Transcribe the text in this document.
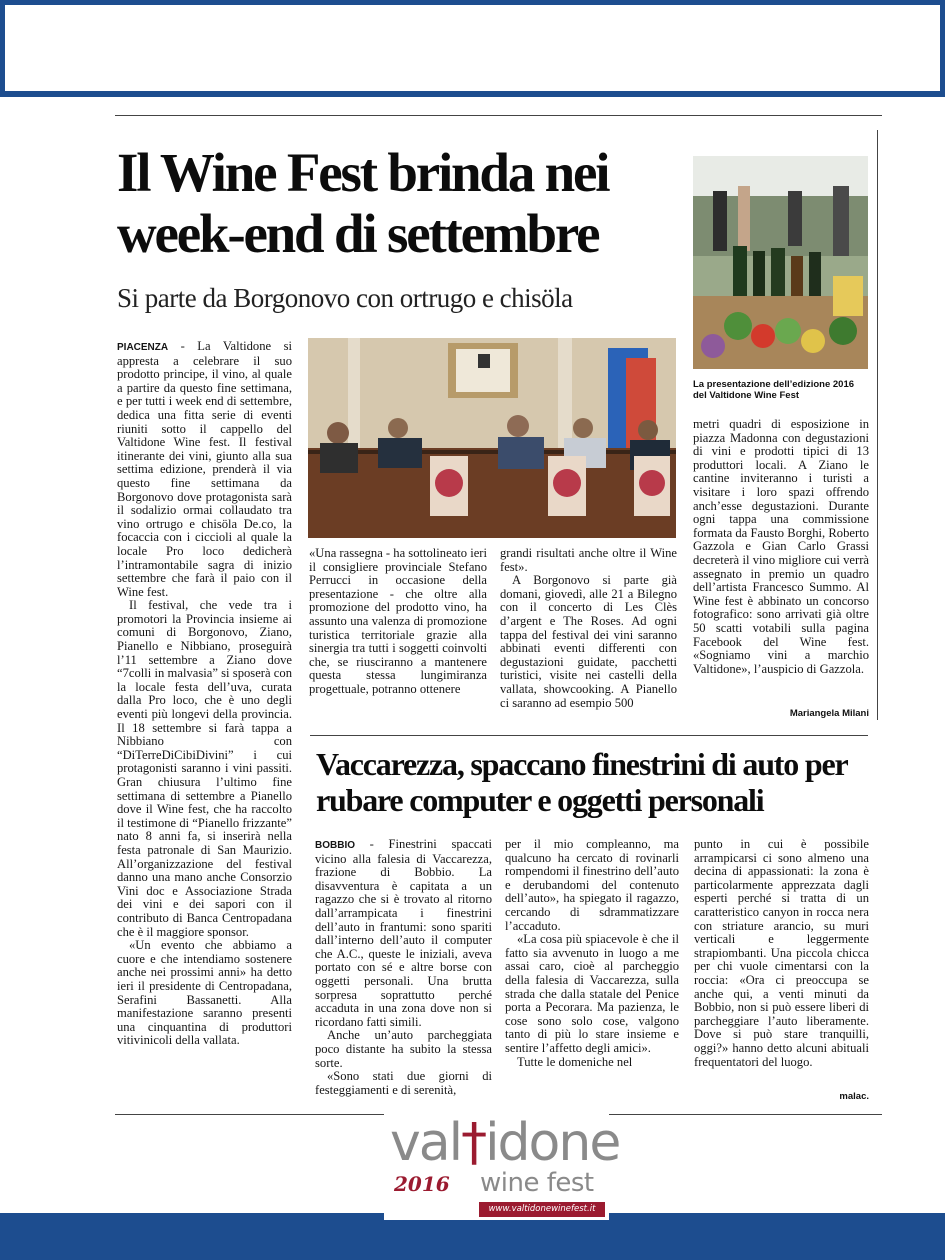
Il Wine Fest brinda nei week-end di settembre
Si parte da Borgonovo con ortrugo e chisöla
La presentazione dell’edizione 2016 del Valtidone Wine Fest

PIACENZA - La Valtidone si appresta a celebrare il suo prodotto principe, il vino, al quale a partire da questo fine settimana, e per tutti i week end di settembre, dedica una fitta serie di eventi riuniti sotto il cappello del Valtidone Wine fest. Il festival itinerante dei vini, giunto alla sua settima edizione, prenderà il via questo fine settimana da Borgonovo dove protagonista sarà il sodalizio ormai collaudato tra vino ortrugo e chisöla De.co, la focaccia con i ciccioli al quale la locale Pro loco dedicherà l’intramontabile sagra di inizio settembre che farà il paio con il Wine fest.

Il festival, che vede tra i promotori la Provincia insieme ai comuni di Borgonovo, Ziano, Pianello e Nibbiano, proseguirà l’11 settembre a Ziano dove “7colli in malvasia” si sposerà con la locale festa dell’uva, curata dalla Pro loco, che è uno degli eventi più longevi della provincia. Il 18 settembre si farà tappa a Nibbiano con “DiTerreDiCibiDivini” i cui protagonisti saranno i vini passiti. Gran chiusura l’ultimo fine settimana di settembre a Pianello dove il Wine fest, che ha raccolto il testimone di “Pianello frizzante” nato 8 anni fa, si inserirà nella festa patronale di San Maurizio. All’organizzazione del festival danno una mano anche Consorzio Vini doc e Associazione Strada dei vini e dei sapori con il contributo di Banca Centropadana che è il maggiore sponsor.

«Un evento che abbiamo a cuore e che intendiamo sostenere anche nei prossimi anni» ha detto ieri il presidente di Centropadana, Serafini Bassanetti. Alla manifestazione saranno presenti una cinquantina di produttori vitivinicoli della vallata.

«Una rassegna - ha sottolineato ieri il consigliere provinciale Stefano Perrucci in occasione della presentazione - che oltre alla promozione del prodotto vino, ha assunto una valenza di promozione turistica territoriale grazie alla sinergia tra tutti i soggetti coinvolti che, se riusciranno a mantenere questa stessa lungimiranza progettuale, potranno ottenere

grandi risultati anche oltre il Wine fest».

A Borgonovo si parte già domani, giovedì, alle 21 a Bilegno con il concerto di Les Clès d’argent e The Roses. Ad ogni tappa del festival dei vini saranno abbinati eventi differenti con degustazioni guidate, pacchetti turistici, visite nei castelli della vallata, showcooking. A Pianello ci saranno ad esempio 500

metri quadri di esposizione in piazza Madonna con degustazioni di vini e prodotti tipici di 13 produttori locali. A Ziano le cantine inviteranno i turisti a visitare i loro spazi offrendo anch’esse degustazioni. Durante ogni tappa una commissione formata da Fausto Borghi, Roberto Gazzola e Gian Carlo Grassi decreterà il vino migliore cui verrà assegnato in premio un quadro dell’artista Francesco Summo. Al Wine fest è abbinato un concorso fotografico: sono arrivati già oltre 50 scatti votabili sulla pagina Facebook del Wine fest. «Sogniamo vini a marchio Valtidone», l’auspicio di Gazzola.

Mariangela Milani
Vaccarezza, spaccano finestrini di auto per rubare computer e oggetti personali

BOBBIO - Finestrini spaccati vicino alla falesia di Vaccarezza, frazione di Bobbio. La disavventura è capitata a un ragazzo che si è trovato al ritorno dall’arrampicata i finestrini dell’auto in frantumi: sono spariti dall’interno dell’auto il computer che A.C., queste le iniziali, aveva portato con sé e altre borse con oggetti personali. Una brutta sorpresa soprattutto perché accaduta in una zona dove non si ricordano fatti simili.

Anche un’auto parcheggiata poco distante ha subito la stessa sorte.

«Sono stati due giorni di festeggiamenti e di serenità,

per il mio compleanno, ma qualcuno ha cercato di rovinarli rompendomi il finestrino dell’auto e derubandomi del contenuto dell’auto», ha spiegato il ragazzo, cercando di sdrammatizzare l’accaduto.

«La cosa più spiacevole è che il fatto sia avvenuto in luogo a me assai caro, cioè al parcheggio della falesia di Vaccarezza, sulla strada che dalla statale del Penice porta a Pecorara. Ma pazienza, le cose sono solo cose, valgono tanto di più lo stare insieme e sentire l’affetto degli amici».

Tutte le domeniche nel

punto in cui è possibile arrampicarsi ci sono almeno una decina di appassionati: la zona è particolarmente apprezzata dagli esperti perché si tratta di un caratteristico canyon in rocca nera con striature arancio, su muri verticali e leggermente strapiombanti. Una piccola chicca per chi vuole cimentarsi con la roccia: «Ora ci preoccupa se anche qui, a venti minuti da Bobbio, non si può essere liberi di parcheggiare l’auto liberamente. Dove si può stare tranquilli, oggi?» hanno detto alcuni abituali frequentatori del luogo.

malac.
val†idone
2016 wine fest
www.valtidonewinefest.it
